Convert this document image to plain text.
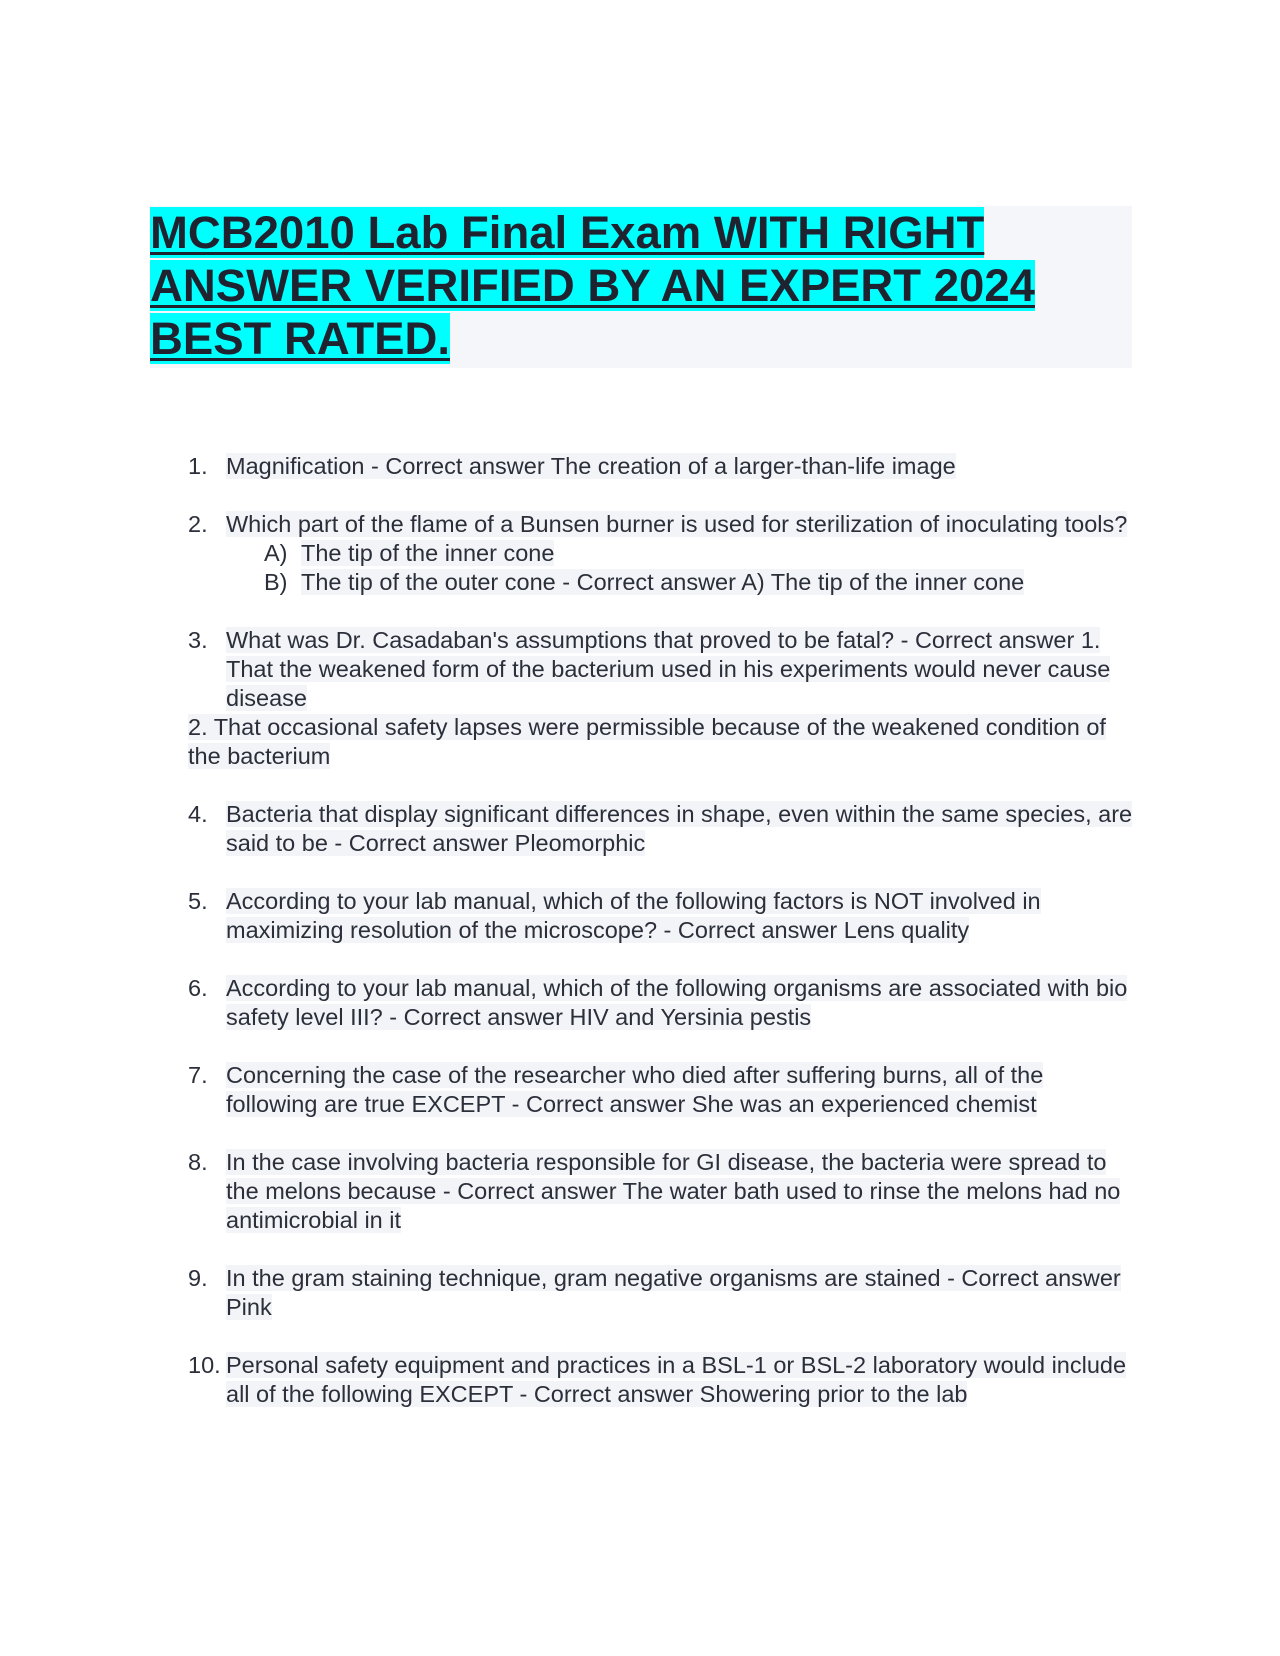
MCB2010 Lab Final Exam WITH RIGHT
ANSWER VERIFIED BY AN EXPERT 2024
BEST RATED.
1. Magnification - Correct answer The creation of a larger-than-life image
2. Which part of the flame of a Bunsen burner is used for sterilization of inoculating tools?
A) The tip of the inner cone
B) The tip of the outer cone - Correct answer A) The tip of the inner cone
3. What was Dr. Casadaban's assumptions that proved to be fatal? - Correct answer 1. That the weakened form of the bacterium used in his experiments would never cause disease
2. That occasional safety lapses were permissible because of the weakened condition of the bacterium
4. Bacteria that display significant differences in shape, even within the same species, are said to be - Correct answer Pleomorphic
5. According to your lab manual, which of the following factors is NOT involved in maximizing resolution of the microscope? - Correct answer Lens quality
6. According to your lab manual, which of the following organisms are associated with bio safety level III? - Correct answer HIV and Yersinia pestis
7. Concerning the case of the researcher who died after suffering burns, all of the following are true EXCEPT - Correct answer She was an experienced chemist
8. In the case involving bacteria responsible for GI disease, the bacteria were spread to the melons because - Correct answer The water bath used to rinse the melons had no antimicrobial in it
9. In the gram staining technique, gram negative organisms are stained - Correct answer Pink
10. Personal safety equipment and practices in a BSL-1 or BSL-2 laboratory would include all of the following EXCEPT - Correct answer Showering prior to the lab
